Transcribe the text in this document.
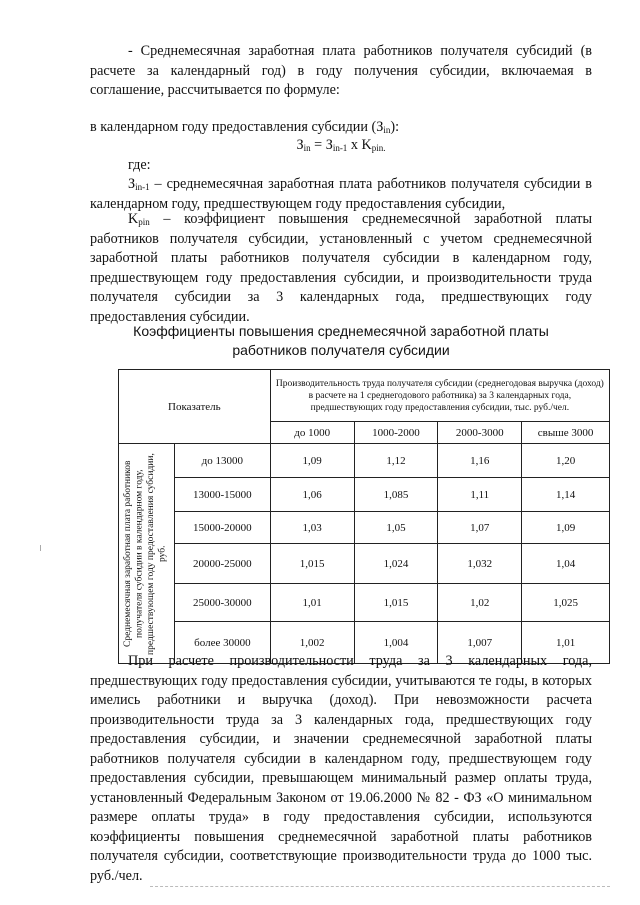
- Среднемесячная заработная плата работников получателя субсидий (в расчете за календарный год) в году получения субсидии, включаемая в соглашение, рассчитывается по формуле:

в календарном году предоставления субсидии $(З_{in})$:

$З_{in} = З_{in-1}$ x $K_{pin.}$

где:

$З_{in-1}$ – среднемесячная заработная плата работников получателя субсидии в календарном году, предшествующем году предоставления субсидии,

$K_{pin}$ – коэффициент повышения среднемесячной заработной платы работников получателя субсидии, установленный с учетом среднемесячной заработной платы работников получателя субсидии в календарном году, предшествующем году предоставления субсидии, и производительности труда получателя субсидии за 3 календарных года, предшествующих году предоставления субсидии.

Коэффициенты повышения среднемесячной заработной платы
работников получателя субсидии
Показатель		Производительность труда получателя субсидии (среднегодовая выручка (доход) в расчете на 1 среднегодового работника) за 3 календарных года, предшествующих году предоставления субсидии, тыс. руб./чел.			
		до 1000	1000-2000	2000-3000	свыше 3000

Среднемесячная заработная плата работников получателя субсидии в календарном году, предшествующем году предоставления субсидии, руб.	до 13000	1,09	1,12	1,16	1,20
	13000-15000	1,06	1,085	1,11	1,14
	15000-20000	1,03	1,05	1,07	1,09
	20000-25000	1,015	1,024	1,032	1,04
	25000-30000	1,01	1,015	1,02	1,025
	более 30000	1,002	1,004	1,007	1,01

При расчете производительности труда за 3 календарных года, предшествующих году предоставления субсидии, учитываются те годы, в которых имелись работники и выручка (доход). При невозможности расчета производительности труда за 3 календарных года, предшествующих году предоставления субсидии, и значении среднемесячной заработной платы работников получателя субсидии в календарном году, предшествующем году предоставления субсидии, превышающем минимальный размер оплаты труда, установленный Федеральным Законом от 19.06.2000 № 82 - ФЗ «О минимальном размере оплаты труда» в году предоставления субсидии, используются коэффициенты повышения среднемесячной заработной платы работников получателя субсидии, соответствующие производительности труда до 1000 тыс. руб./чел.
